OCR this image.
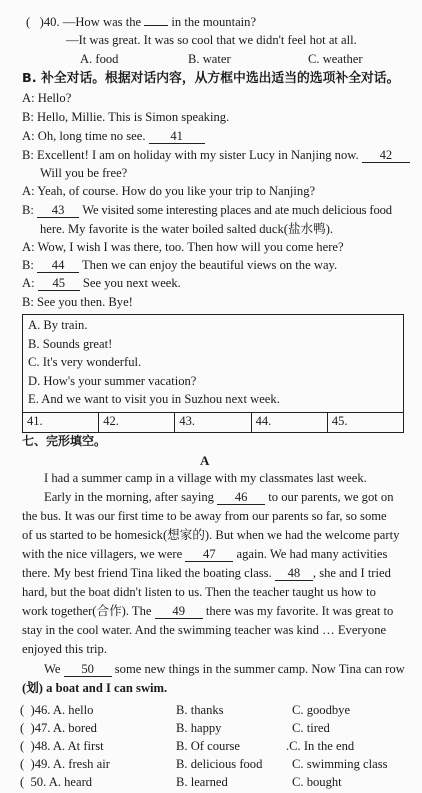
( )40. —How was the in the mountain?
—It was great. It was so cool that we didn't feel hot at all.
A. food	B. water	C. weather
B. 补全对话。根据对话内容，从方框中选出适当的选项补全对话。
A: Hello?
B: Hello, Millie. This is Simon speaking.
A: Oh, long time no see. 41
B: Excellent! I am on holiday with my sister Lucy in Nanjing now. 42
Will you be free?
A: Yeah, of course. How do you like your trip to Nanjing?
B: 43 We visited some interesting places and ate much delicious food
here. My favorite is the water boiled salted duck(盐水鸭).
A: Wow, I wish I was there, too. Then how will you come here?
B: 44 Then we can enjoy the beautiful views on the way.
A: 45 See you next week.
B: See you then. Bye!
A. By train.
B. Sounds great!
C. It's very wonderful.
D. How's your summer vacation?
E. And we want to visit you in Suzhou next week.
41.	42.	43.	44.	45.
七、完形填空。
A
I had a summer camp in a village with my classmates last week.
Early in the morning, after saying 46 to our parents, we got on
the bus. It was our first time to be away from our parents so far, so some
of us started to be homesick(想家的). But when we had the welcome party
with the nice villagers, we were 47 again. We had many activities
there. My best friend Tina liked the boating class. 48 , she and I tried
hard, but the boat didn't listen to us. Then the teacher taught us how to
work together(合作). The 49 there was my favorite. It was great to
stay in the cool water. And the swimming teacher was kind … Everyone
enjoyed this trip.
We 50 some new things in the summer camp. Now Tina can row
(划) a boat and I can swim.
( )46. A. hello	B. thanks	C. goodbye
( )47. A. bored	B. happy	C. tired
( )48. A. At first	B. Of course	.C. In the end
( )49. A. fresh air	B. delicious food C. swimming class
( 50. A. heard	B. learned	C. bought
